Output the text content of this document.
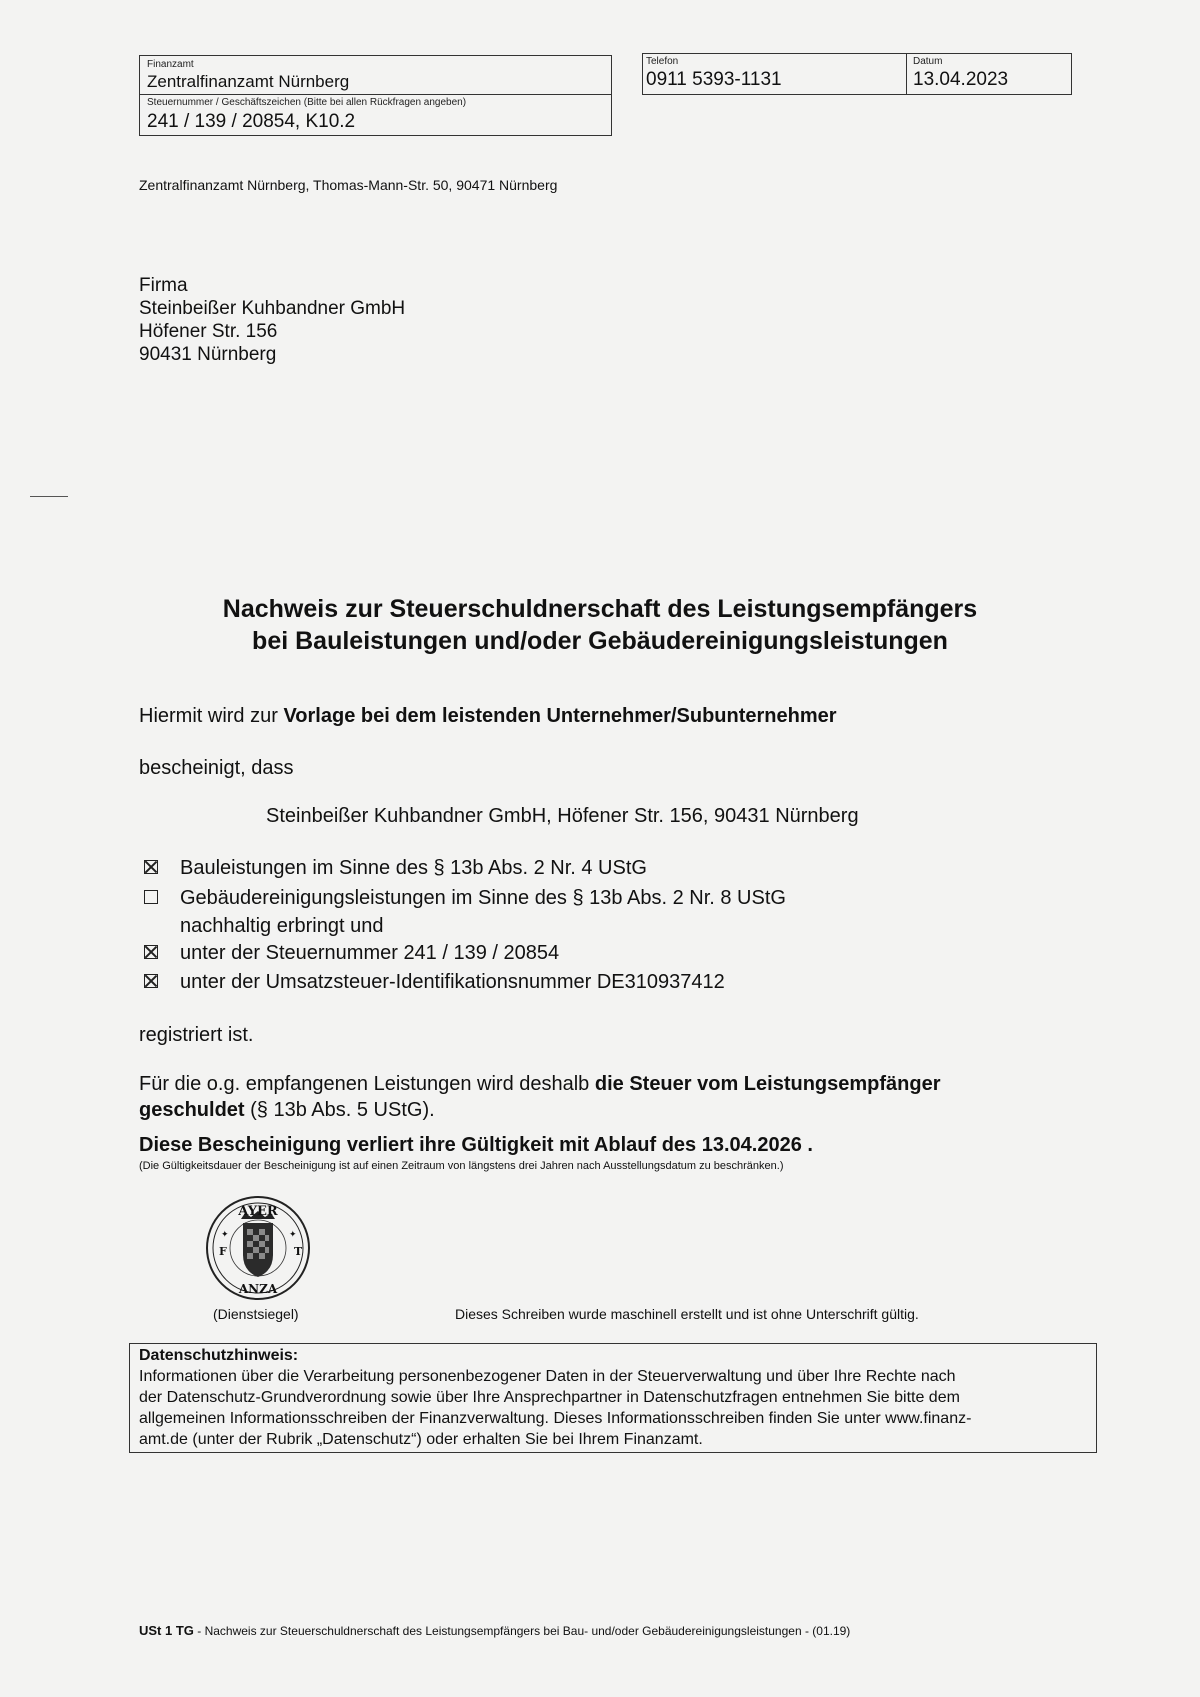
Finanzamt
Zentralfinanzamt Nürnberg
Steuernummer / Geschäftszeichen (Bitte bei allen Rückfragen angeben)
241 / 139 / 20854, K10.2
Telefon
0911 5393-1131
Datum
13.04.2023
Zentralfinanzamt Nürnberg, Thomas-Mann-Str. 50, 90471 Nürnberg
Firma
Steinbeißer Kuhbandner GmbH
Höfener Str. 156
90431 Nürnberg
Nachweis zur Steuerschuldnerschaft des Leistungsempfängers
bei Bauleistungen und/oder Gebäudereinigungsleistungen
Hiermit wird zur Vorlage bei dem leistenden Unternehmer/Subunternehmer
bescheinigt, dass
Steinbeißer Kuhbandner GmbH, Höfener Str. 156, 90431 Nürnberg
Bauleistungen im Sinne des § 13b Abs. 2 Nr. 4 UStG
Gebäudereinigungsleistungen im Sinne des § 13b Abs. 2 Nr. 8 UStG
nachhaltig erbringt und
unter der Steuernummer 241 / 139 / 20854
unter der Umsatzsteuer-Identifikationsnummer DE310937412
registriert ist.
Für die o.g. empfangenen Leistungen wird deshalb die Steuer vom Leistungsempfänger
geschuldet (§ 13b Abs. 5 UStG).
Diese Bescheinigung verliert ihre Gültigkeit mit Ablauf des 13.04.2026 .
(Die Gültigkeitsdauer der Bescheinigung ist auf einen Zeitraum von längstens drei Jahren nach Ausstellungsdatum zu beschränken.)
AYER
ANZA
F	T
✦	✦
(Dienstsiegel)	Dieses Schreiben wurde maschinell erstellt und ist ohne Unterschrift gültig.
Datenschutzhinweis:
Informationen über die Verarbeitung personenbezogener Daten in der Steuerverwaltung und über Ihre Rechte nach
der Datenschutz-Grundverordnung sowie über Ihre Ansprechpartner in Datenschutzfragen entnehmen Sie bitte dem
allgemeinen Informationsschreiben der Finanzverwaltung. Dieses Informationsschreiben finden Sie unter www.finanz-
amt.de (unter der Rubrik „Datenschutz“) oder erhalten Sie bei Ihrem Finanzamt.
USt 1 TG - Nachweis zur Steuerschuldnerschaft des Leistungsempfängers bei Bau- und/oder Gebäudereinigungsleistungen - (01.19)
